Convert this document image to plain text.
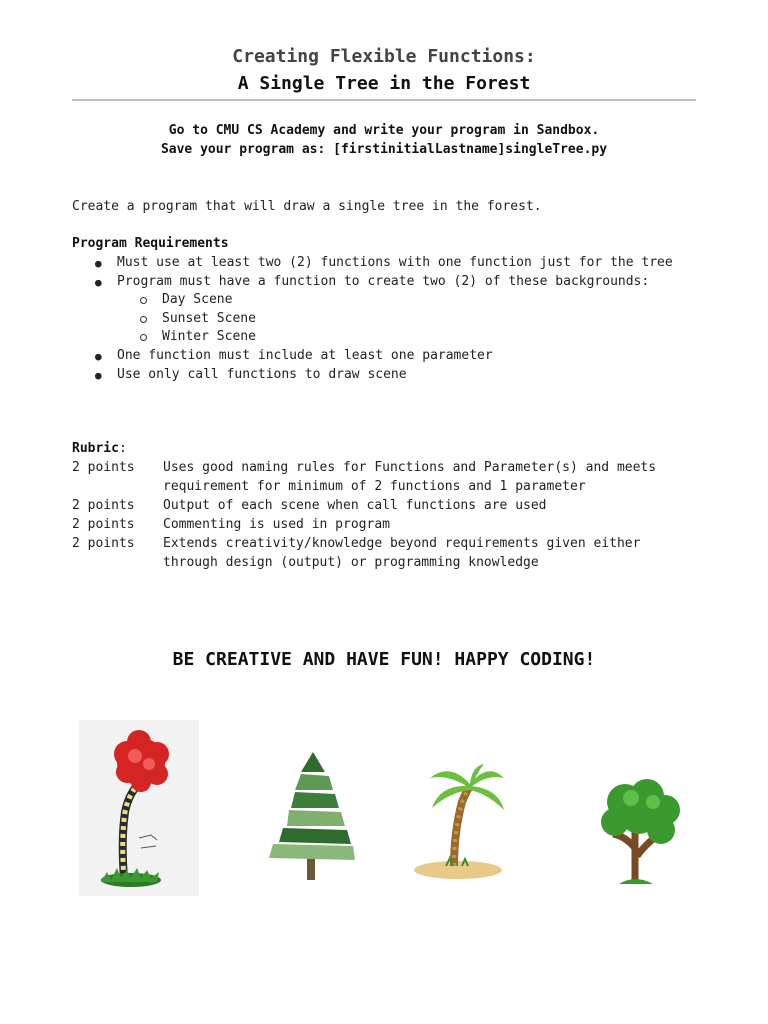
Creating Flexible Functions:
A Single Tree in the Forest
Go to CMU CS Academy and write your program in Sandbox.
Save your program as: [firstinitialLastname]singleTree.py
Create a program that will draw a single tree in the forest.
Program Requirements
● Must use at least two (2) functions with one function just for the tree
● Program must have a function to create two (2) of these backgrounds:
Day Scene
Sunset Scene
Winter Scene
● One function must include at least one parameter
● Use only call functions to draw scene
Rubric:
2 points Uses good naming rules for Functions and Parameter(s) and meets
requirement for minimum of 2 functions and 1 parameter
2 points Output of each scene when call functions are used
2 points Commenting is used in program
2 points Extends creativity/knowledge beyond requirements given either
through design (output) or programming knowledge
BE CREATIVE AND HAVE FUN! HAPPY CODING!
